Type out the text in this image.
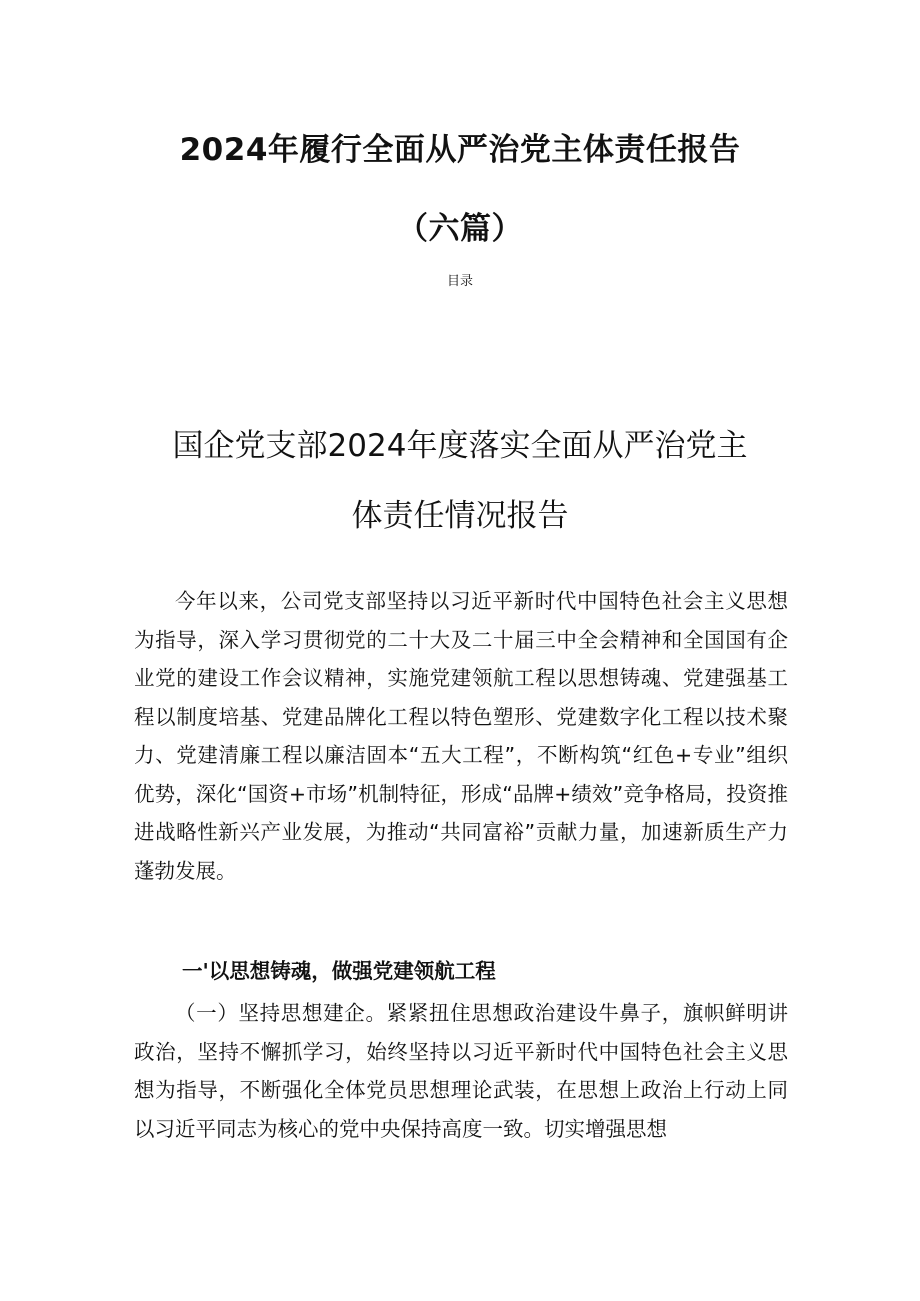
2024年履行全面从严治党主体责任报告
（六篇）
目录
国企党支部2024年度落实全面从严治党主
体责任情况报告

今年以来，公司党支部坚持以习近平新时代中国特色社会主义思想为指导，深入学习贯彻党的二十大及二十届三中全会精神和全国国有企业党的建设工作会议精神，实施党建领航工程以思想铸魂、党建强基工程以制度培基、党建品牌化工程以特色塑形、党建数字化工程以技术聚力、党建清廉工程以廉洁固本“五大工程”，不断构筑“红色+专业”组织优势，深化“国资+市场”机制特征，形成“品牌+绩效”竞争格局，投资推进战略性新兴产业发展，为推动“共同富裕”贡献力量，加速新质生产力蓬勃发展。

一'以思想铸魂，做强党建领航工程

（一）坚持思想建企。紧紧扭住思想政治建设牛鼻子，旗帜鲜明讲政治，坚持不懈抓学习，始终坚持以习近平新时代中国特色社会主义思想为指导，不断强化全体党员思想理论武装，在思想上政治上行动上同以习近平同志为核心的党中央保持高度一致。切实增强思想
